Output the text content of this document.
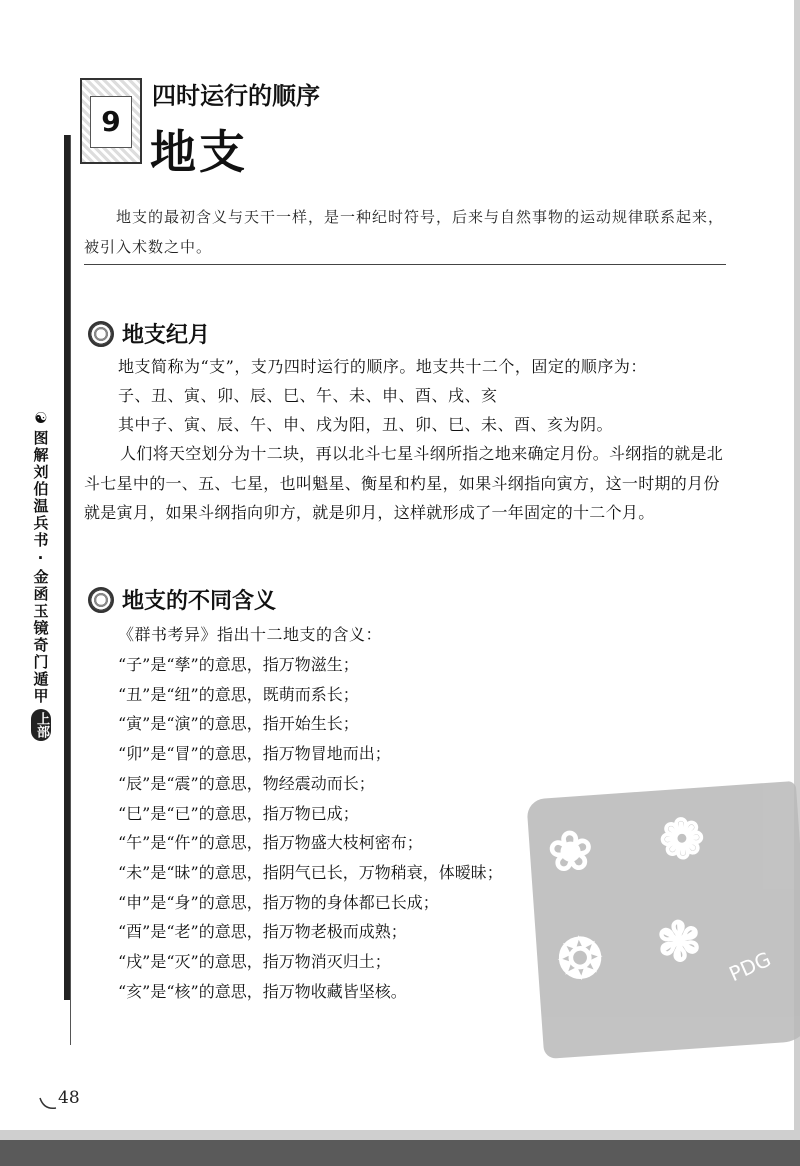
☯
图解刘伯温兵书·金函玉镜奇门遁甲
上部
9
四时运行的顺序
地支
地支的最初含义与天干一样，是一种纪时符号，后来与自然事物的运动规律联系起来，被引入术数之中。
地支纪月

地支简称为“支”，支乃四时运行的顺序。地支共十二个，固定的顺序为：

子、丑、寅、卯、辰、巳、午、未、申、酉、戌、亥

其中子、寅、辰、午、申、戌为阳，丑、卯、巳、未、酉、亥为阴。

人们将天空划分为十二块，再以北斗七星斗纲所指之地来确定月份。斗纲指的就是北斗七星中的一、五、七星，也叫魁星、衡星和杓星，如果斗纲指向寅方，这一时期的月份就是寅月，如果斗纲指向卯方，就是卯月，这样就形成了一年固定的十二个月。
地支的不同含义

《群书考异》指出十二地支的含义：

“子”是“孳”的意思，指万物滋生；

“丑”是“纽”的意思，既萌而系长；

“寅”是“演”的意思，指开始生长；

“卯”是“冒”的意思，指万物冒地而出；

“辰”是“震”的意思，物经震动而长；

“巳”是“已”的意思，指万物已成；

“午”是“仵”的意思，指万物盛大枝柯密布；

“未”是“昧”的意思，指阴气已长，万物稍衰，体暧昧；

“申”是“身”的意思，指万物的身体都已长成；

“酉”是“老”的意思，指万物老极而成熟；

“戌”是“灭”的意思，指万物消灭归土；

“亥”是“核”的意思，指万物收藏皆坚核。

❀ ❁
❂ ❃ PDG
48
